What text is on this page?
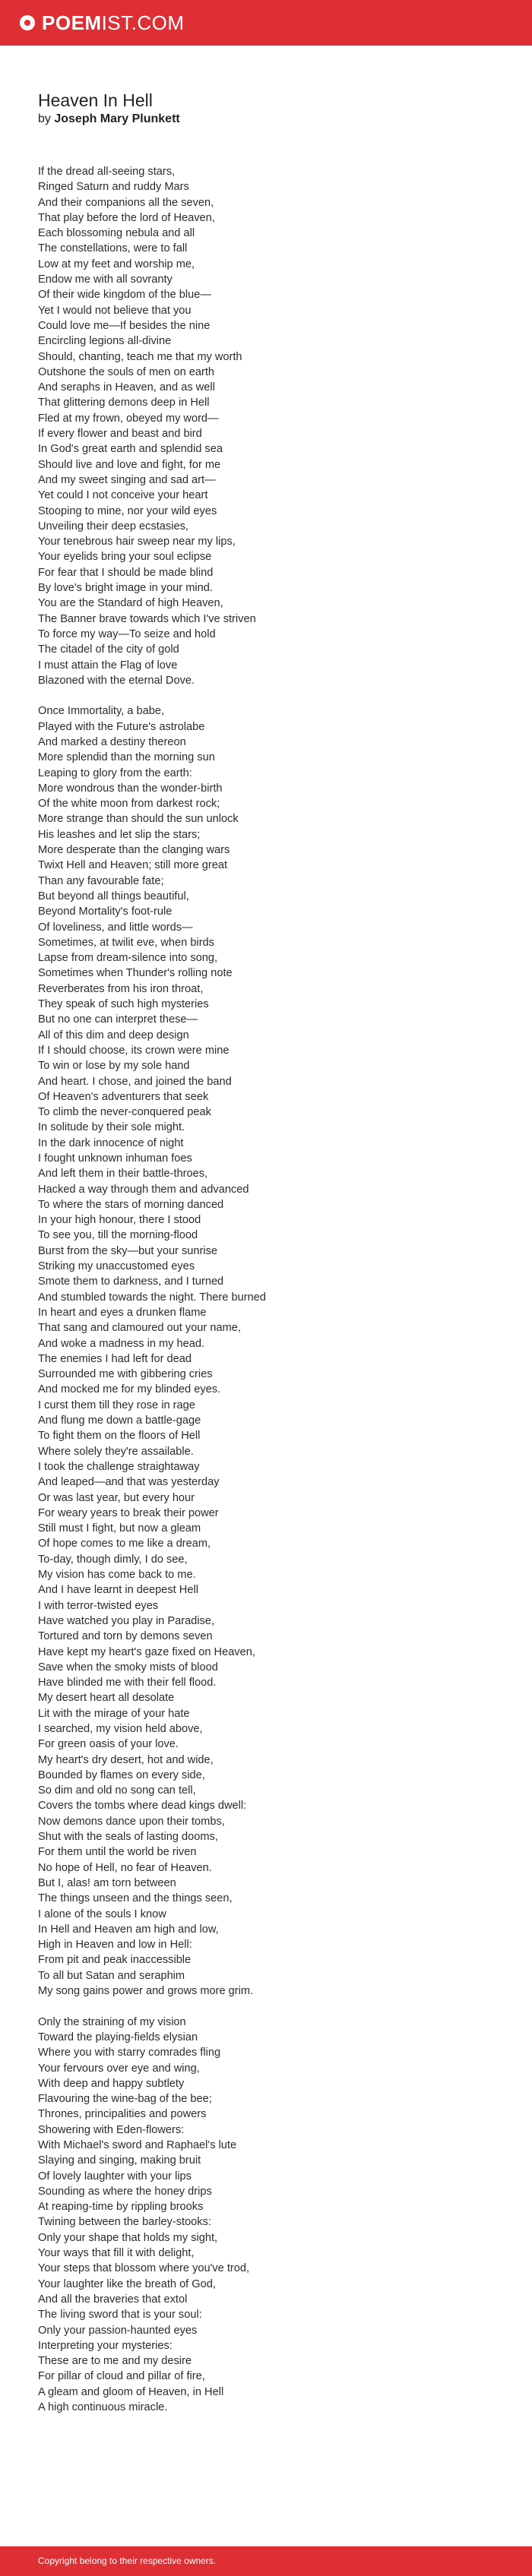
POEMIST.COM
Heaven In Hell
by Joseph Mary Plunkett
If the dread all-seeing stars,
Ringed Saturn and ruddy Mars
And their companions all the seven,
That play before the lord of Heaven,
Each blossoming nebula and all
The constellations, were to fall
Low at my feet and worship me,
Endow me with all sovranty
Of their wide kingdom of the blue—
Yet I would not believe that you
Could love me—If besides the nine
Encircling legions all-divine
Should, chanting, teach me that my worth
Outshone the souls of men on earth
And seraphs in Heaven, and as well
That glittering demons deep in Hell
Fled at my frown, obeyed my word—
If every flower and beast and bird
In God's great earth and splendid sea
Should live and love and fight, for me
And my sweet singing and sad art—
Yet could I not conceive your heart
Stooping to mine, nor your wild eyes
Unveiling their deep ecstasies,
Your tenebrous hair sweep near my lips,
Your eyelids bring your soul eclipse
For fear that I should be made blind
By love's bright image in your mind.
You are the Standard of high Heaven,
The Banner brave towards which I've striven
To force my way—To seize and hold
The citadel of the city of gold
I must attain the Flag of love
Blazoned with the eternal Dove.
Once Immortality, a babe,
Played with the Future's astrolabe
And marked a destiny thereon
More splendid than the morning sun
Leaping to glory from the earth:
More wondrous than the wonder-birth
Of the white moon from darkest rock;
More strange than should the sun unlock
His leashes and let slip the stars;
More desperate than the clanging wars
Twixt Hell and Heaven; still more great
Than any favourable fate;
But beyond all things beautiful,
Beyond Mortality's foot-rule
Of loveliness, and little words—
Sometimes, at twilit eve, when birds
Lapse from dream-silence into song,
Sometimes when Thunder's rolling note
Reverberates from his iron throat,
They speak of such high mysteries
But no one can interpret these—
All of this dim and deep design
If I should choose, its crown were mine
To win or lose by my sole hand
And heart. I chose, and joined the band
Of Heaven's adventurers that seek
To climb the never-conquered peak
In solitude by their sole might.
In the dark innocence of night
I fought unknown inhuman foes
And left them in their battle-throes,
Hacked a way through them and advanced
To where the stars of morning danced
In your high honour, there I stood
To see you, till the morning-flood
Burst from the sky—but your sunrise
Striking my unaccustomed eyes
Smote them to darkness, and I turned
And stumbled towards the night. There burned
In heart and eyes a drunken flame
That sang and clamoured out your name,
And woke a madness in my head.
The enemies I had left for dead
Surrounded me with gibbering cries
And mocked me for my blinded eyes.
I curst them till they rose in rage
And flung me down a battle-gage
To fight them on the floors of Hell
Where solely they're assailable.
I took the challenge straightaway
And leaped—and that was yesterday
Or was last year, but every hour
For weary years to break their power
Still must I fight, but now a gleam
Of hope comes to me like a dream,
To-day, though dimly, I do see,
My vision has come back to me.
And I have learnt in deepest Hell
I with terror-twisted eyes
Have watched you play in Paradise,
Tortured and torn by demons seven
Have kept my heart's gaze fixed on Heaven,
Save when the smoky mists of blood
Have blinded me with their fell flood.
My desert heart all desolate
Lit with the mirage of your hate
I searched, my vision held above,
For green oasis of your love.
My heart's dry desert, hot and wide,
Bounded by flames on every side,
So dim and old no song can tell,
Covers the tombs where dead kings dwell:
Now demons dance upon their tombs,
Shut with the seals of lasting dooms,
For them until the world be riven
No hope of Hell, no fear of Heaven.
But I, alas! am torn between
The things unseen and the things seen,
I alone of the souls I know
In Hell and Heaven am high and low,
High in Heaven and low in Hell:
From pit and peak inaccessible
To all but Satan and seraphim
My song gains power and grows more grim.
Only the straining of my vision
Toward the playing-fields elysian
Where you with starry comrades fling
Your fervours over eye and wing,
With deep and happy subtlety
Flavouring the wine-bag of the bee;
Thrones, principalities and powers
Showering with Eden-flowers:
With Michael's sword and Raphael's lute
Slaying and singing, making bruit
Of lovely laughter with your lips
Sounding as where the honey drips
At reaping-time by rippling brooks
Twining between the barley-stooks:
Only your shape that holds my sight,
Your ways that fill it with delight,
Your steps that blossom where you've trod,
Your laughter like the breath of God,
And all the braveries that extol
The living sword that is your soul:
Only your passion-haunted eyes
Interpreting your mysteries:
These are to me and my desire
For pillar of cloud and pillar of fire,
A gleam and gloom of Heaven, in Hell
A high continuous miracle.
Copyright belong to their respective owners.
